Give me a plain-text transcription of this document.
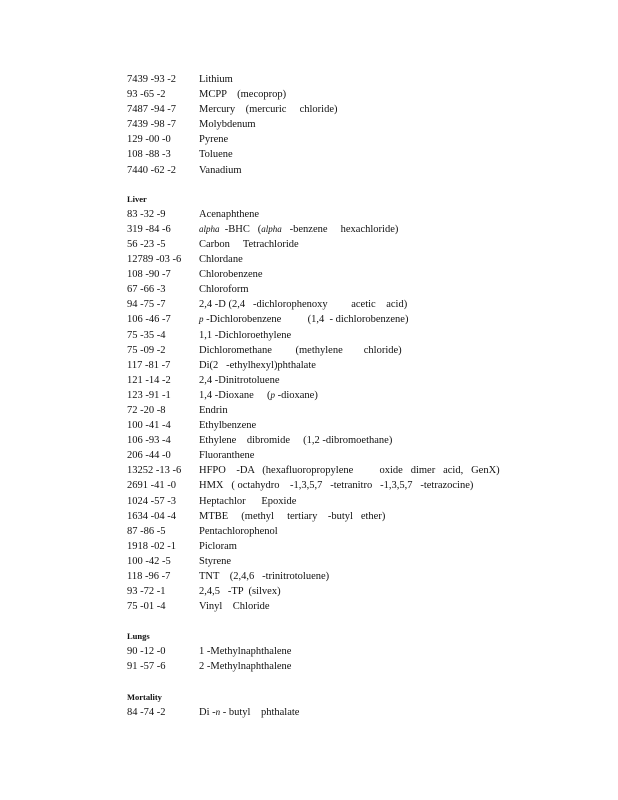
7439 -93 -2 Lithium
93 -65 -2	MCPP    (mecoprop)
7487 -94 -7 Mercury    (mercuric     chloride)
7439 -98 -7 Molybdenum
129 -00 -0	Pyrene
108 -88 -3	Toluene
7440 -62 -2 Vanadium
Liver
83 -32 -9	Acenaphthene
319 -84 -6	alpha  -BHC   (alpha   -benzene     hexachloride)
56 -23 -5	Carbon     Tetrachloride
12789 -03 -6 Chlordane
108 -90 -7	Chlorobenzene
67 -66 -3	Chloroform
94 -75 -7	2,4 -D (2,4   -dichlorophenoxy         acetic    acid)
106 -46 -7	p -Dichlorobenzene          (1,4  - dichlorobenzene)
75 -35 -4	1,1 -Dichloroethylene
75 -09 -2	Dichloromethane         (methylene        chloride)
117 -81 -7	Di(2   -ethylhexyl)phthalate
121 -14 -2	2,4 -Dinitrotoluene
123 -91 -1	1,4 -Dioxane     (p -dioxane)
72 -20 -8	Endrin
100 -41 -4	Ethylbenzene
106 -93 -4	Ethylene    dibromide     (1,2 -dibromoethane)
206 -44 -0	Fluoranthene
13252 -13 -6 HFPO    -DA   (hexafluoropropylene          oxide   dimer   acid,   GenX)
2691 -41 -0 HMX   ( octahydro    -1,3,5,7   -tetranitro   -1,3,5,7   -tetrazocine)
1024 -57 -3 Heptachlor      Epoxide
1634 -04 -4 MTBE     (methyl     tertiary    -butyl   ether)
87 -86 -5	Pentachlorophenol
1918 -02 -1 Picloram
100 -42 -5	Styrene
118 -96 -7	TNT    (2,4,6   -trinitrotoluene)
93 -72 -1	2,4,5   -TP  (silvex)
75 -01 -4	Vinyl    Chloride
Lungs
90 -12 -0	1 -Methylnaphthalene
91 -57 -6	2 -Methylnaphthalene
Mortality
84 -74 -2	Di -n - butyl    phthalate
